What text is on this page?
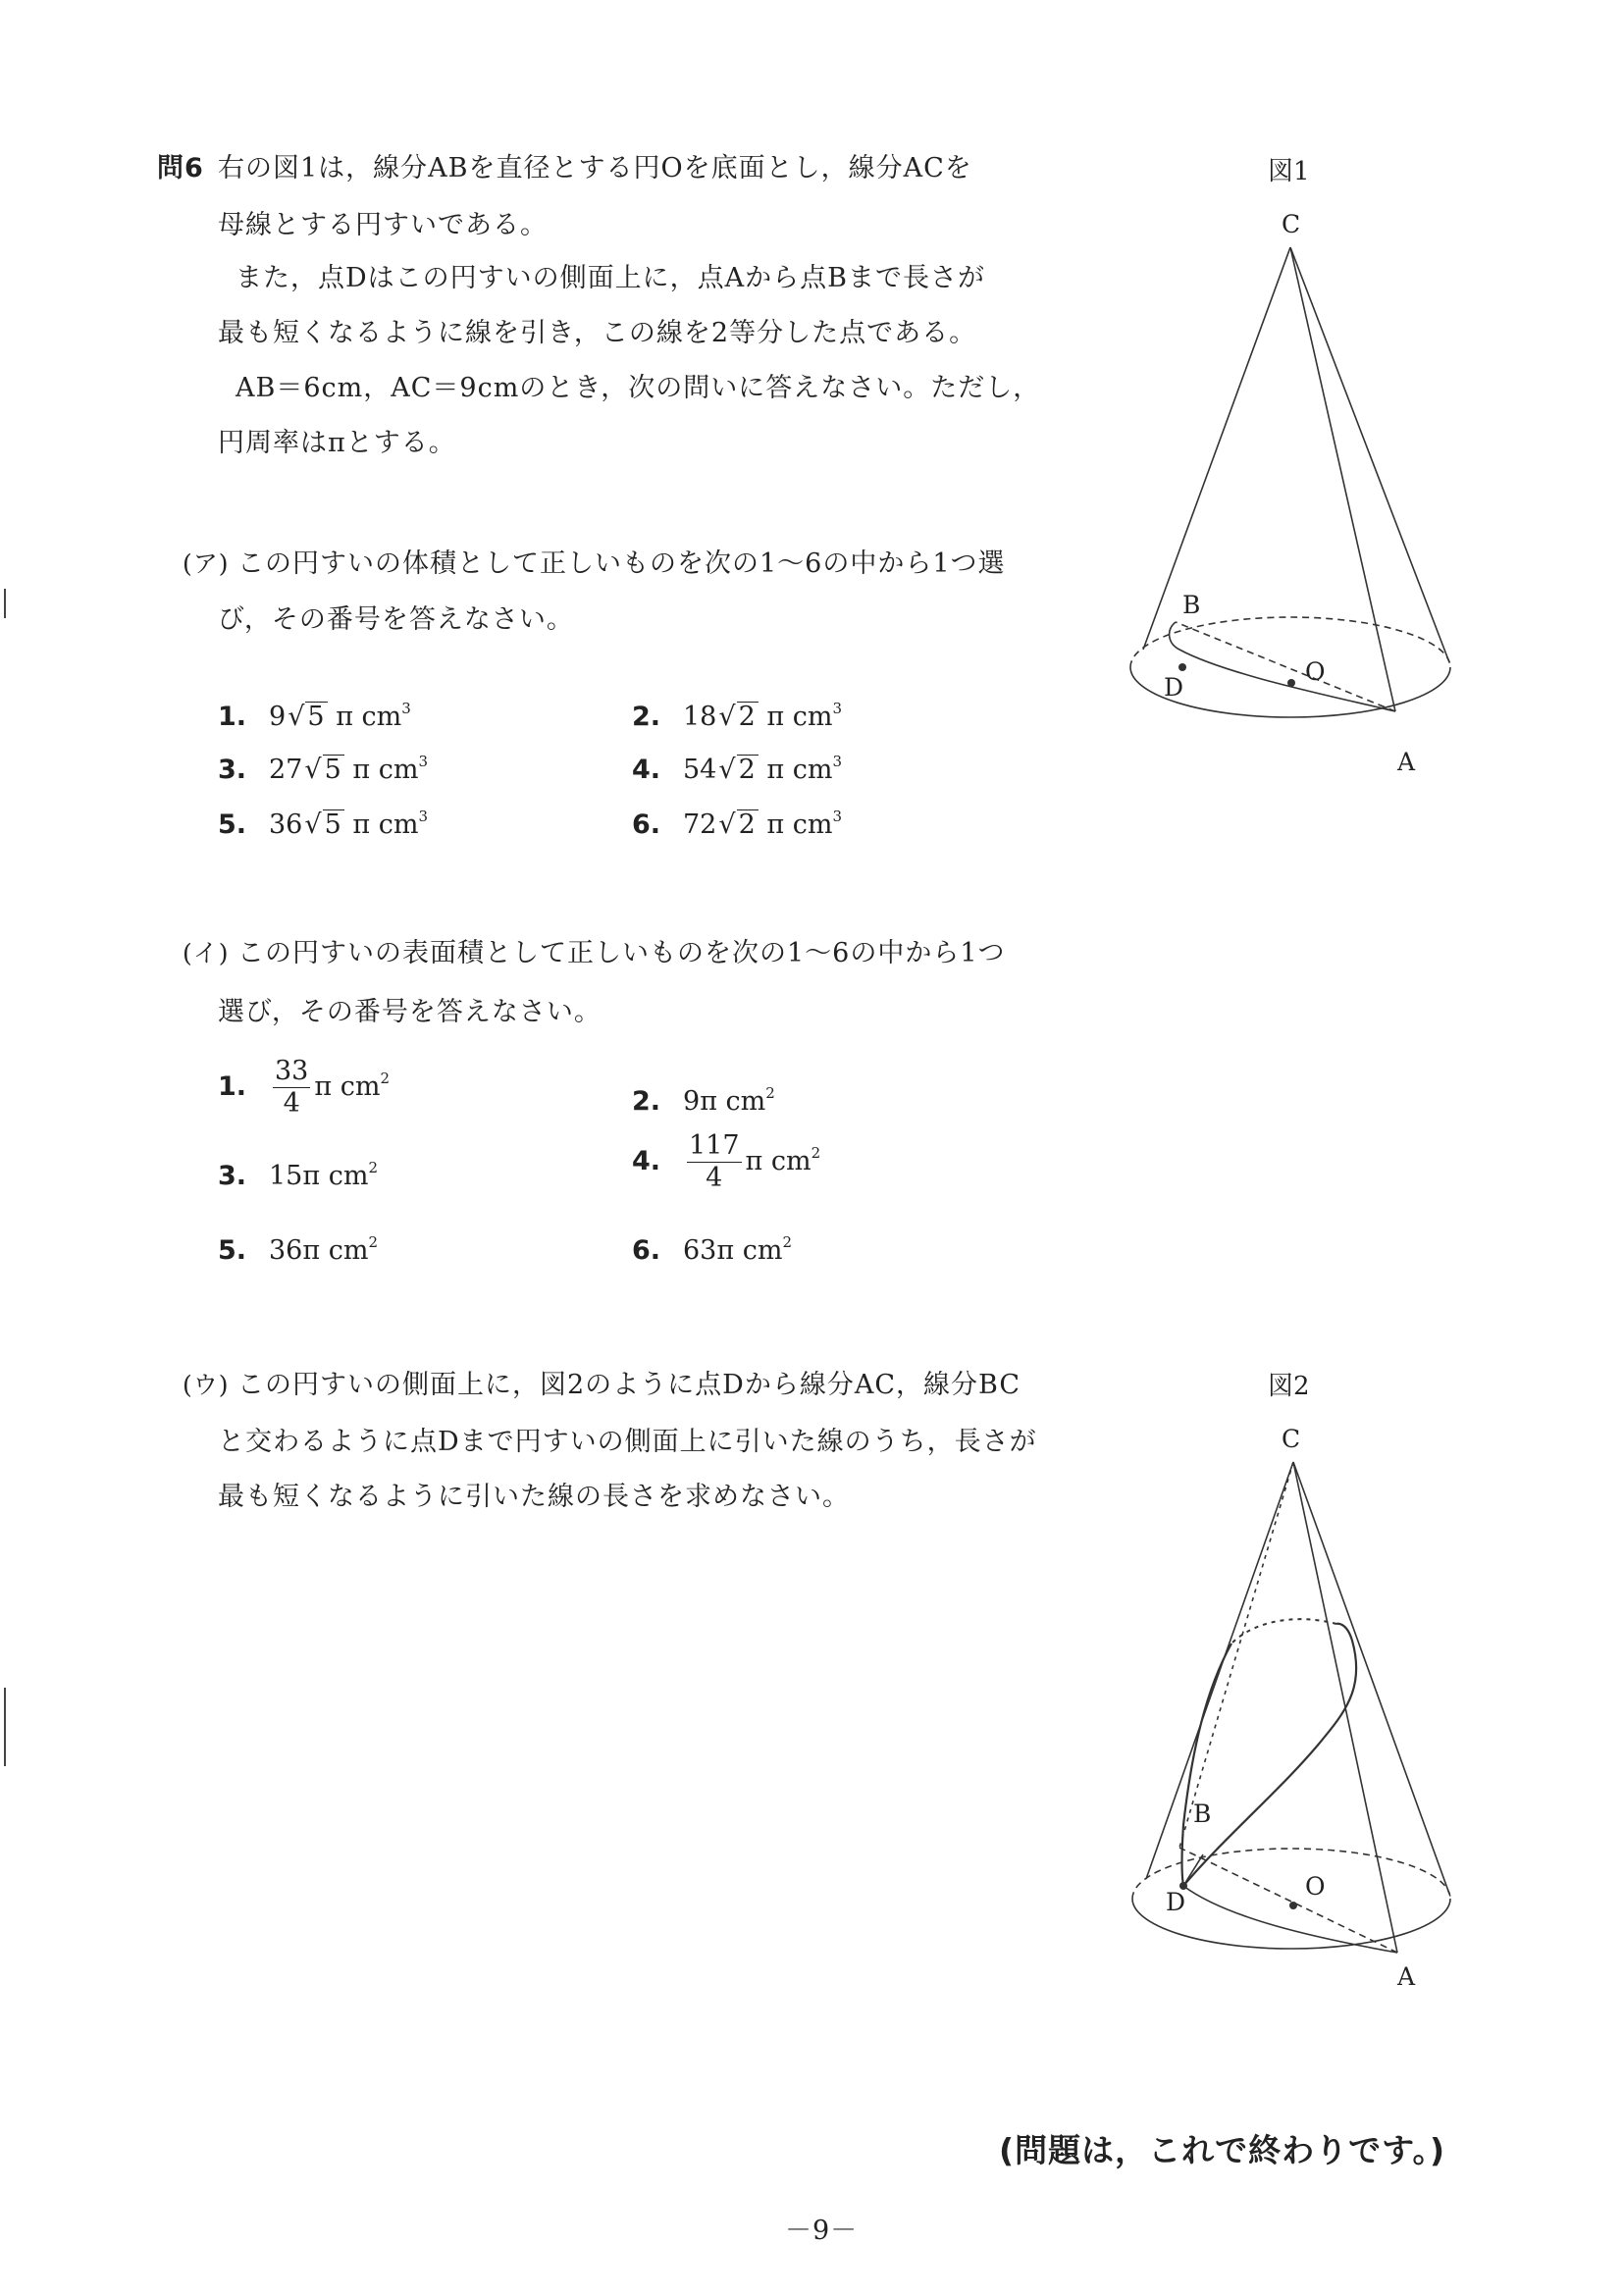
問6 右の図1は，線分ABを直径とする円Oを底面とし，線分ACを
母線とする円すいである。
また，点Dはこの円すいの側面上に，点Aから点Bまで長さが
最も短くなるように線を引き，この線を2等分した点である。
AB＝6cm，AC＝9cmのとき，次の問いに答えなさい。ただし，
円周率はπとする。
(ア) この円すいの体積として正しいものを次の1～6の中から1つ選
び，その番号を答えなさい。
1. 9√ 5 π $cm^3$	2. 18√ 2 π $cm^3$
3. 27√ 5 π $cm^3$	4. 54√ 2 π $cm^3$
5. 36√ 5 π $cm^3$	6. 72√ 2 π $cm^3$
(イ) この円すいの表面積として正しいものを次の1～6の中から1つ
選び，その番号を答えなさい。
1. $\frac{33}{4}$ π $cm^2$
2. 9π $cm^2$
3. 15π $cm^2$	4. $\frac{117}{4}$ π $cm^2$
5. 36π $cm^2$	6. 63π $cm^2$
(ウ) この円すいの側面上に，図2のように点Dから線分AC，線分BC
と交わるように点Dまで円すいの側面上に引いた線のうち，長さが
最も短くなるように引いた線の長さを求めなさい。
図1
C
B
O
D
A
図2
C
B
O
D
A
(問題は，これで終わりです。)
－9－
